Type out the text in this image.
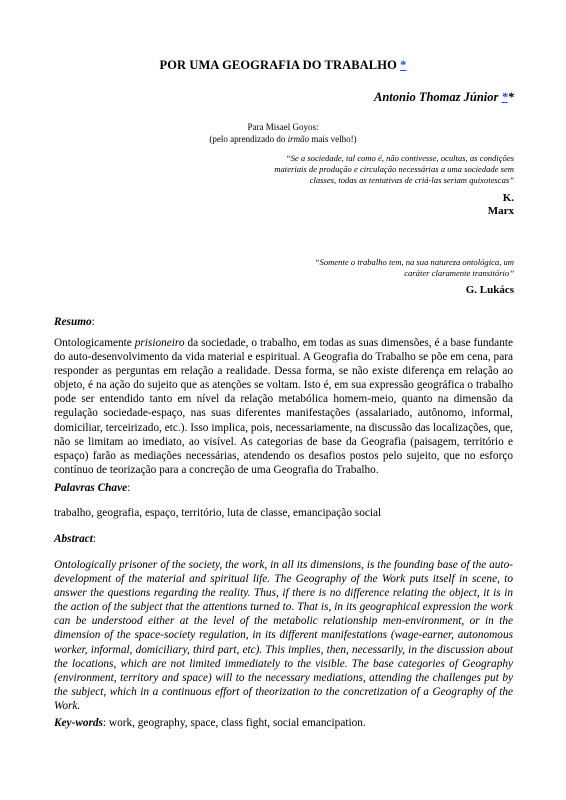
POR UMA GEOGRAFIA DO TRABALHO *
Antonio Thomaz Júnior **
Para Misael Goyos:
(pelo aprendizado do irmão mais velho!)
“Se a sociedade, tal como é, não contivesse, ocultas, as condições materiais de produção e circulação necessárias a uma sociedade sem classes, todas as tentativas de criá-las seriam quixotescas”
K.
Marx
“Somente o trabalho tem, na sua natureza ontológica, um caráter claramente transitório”
G. Lukács
Resumo:
Ontologicamente prisioneiro da sociedade, o trabalho, em todas as suas dimensões, é a base fundante do auto-desenvolvimento da vida material e espiritual. A Geografia do Trabalho se põe em cena, para responder as perguntas em relação a realidade. Dessa forma, se não existe diferença em relação ao objeto, é na ação do sujeito que as atenções se voltam. Isto é, em sua expressão geográfica o trabalho pode ser entendido tanto em nível da relação metabólica homem-meio, quanto na dimensão da regulação sociedade-espaço, nas suas diferentes manifestações (assalariado, autônomo, informal, domiciliar, terceirizado, etc.). Isso implica, pois, necessariamente, na discussão das localizações, que, não se limitam ao imediato, ao visível. As categorias de base da Geografia (paisagem, território e espaço) farão as mediações necessárias, atendendo os desafios postos pelo sujeito, que no esforço contínuo de teorização para a concreção de uma Geografia do Trabalho.
Palavras Chave:
trabalho, geografia, espaço, território, luta de classe, emancipação social
Abstract:
Ontologically prisoner of the society, the work, in all its dimensions, is the founding base of the auto-development of the material and spiritual life. The Geography of the Work puts itself in scene, to answer the questions regarding the reality. Thus, if there is no difference relating the object, it is in the action of the subject that the attentions turned to. That is, in its geographical expression the work can be understood either at the level of the metabolic relationship men-environment, or in the dimension of the space-society regulation, in its different manifestations (wage-earner, autonomous worker, informal, domiciliary, third part, etc). This implies, then, necessarily, in the discussion about the locations, which are not limited immediately to the visible. The base categories of Geography (environment, territory and space) will to the necessary mediations, attending the challenges put by the subject, which in a continuous effort of theorization to the concretization of a Geography of the Work.
Key-words: work, geography, space, class fight, social emancipation.
